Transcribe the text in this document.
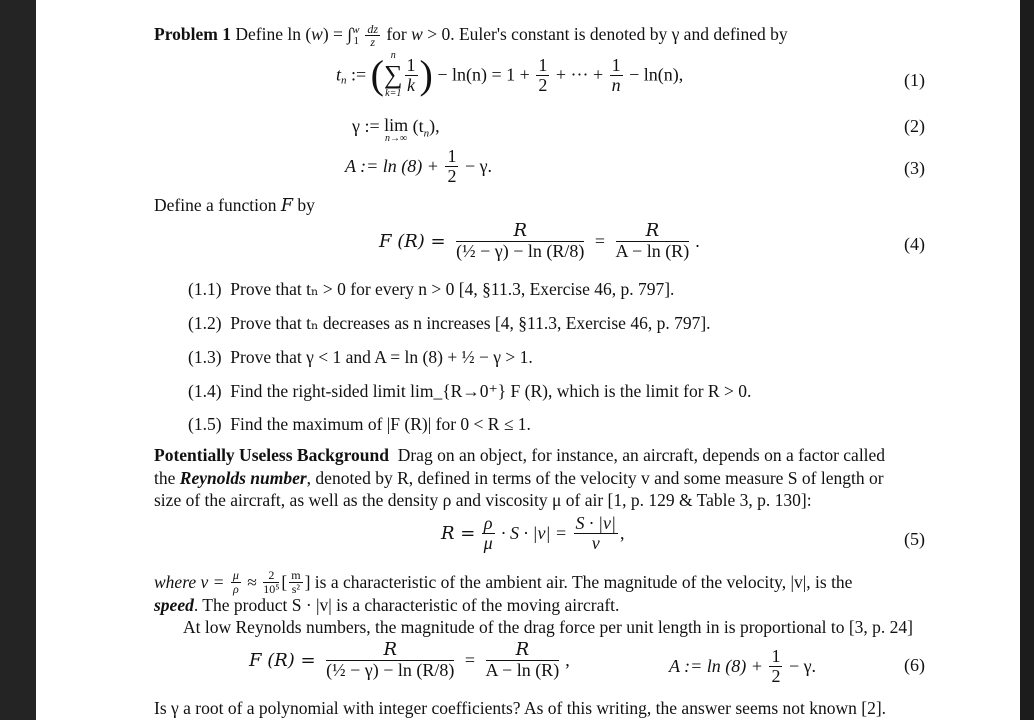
Problem 1 Define $\ln (w) = \int^w_1 \frac{dz}{z}$ for w > 0. Euler's constant is denoted by γ and defined by
$t_n$ := ( n
∑
$k=1 \frac{1}{k}$ ) − $\ln(n) = 1 + \frac{1}{2}$ + ··· + $\frac{1}{n} - \ln(n)$,	(1)
γ := lim
n→∞
$(t_n)$,	(2)
A := $\ln (8) + \frac{1}{2} - \gamma$.	(3)
Define a function F by
F $(R) = \frac{R}{\text{(½ − γ) − ln (R/8)}} = \frac{R}{A - \ln (R)}$ .	(4)
(1.1) Prove that tₙ > 0 for every n > 0 [4, §11.3, Exercise 46, p. 797].
(1.2) Prove that tₙ decreases as n increases [4, §11.3, Exercise 46, p. 797].
(1.3) Prove that γ < 1 and A = ln (8) + ½ − γ > 1.
(1.4) Find the right-sided limit lim_{R→0⁺} F (R), which is the limit for R > 0.
(1.5) Find the maximum of |F (R)| for 0 < R ≤ 1.
Potentially Useless Background Drag on an object, for instance, an aircraft, depends on a factor called
the Reynolds number, denoted by R, defined in terms of the velocity v and some measure S of length or
size of the aircraft, as well as the density ρ and viscosity μ of air [1, p. 129 & Table 3, p. 130]:
$R = \frac{\rho}{\mu} \cdot S \cdot |v| = \frac{S \cdot |v|}{\nu}$ ,	(5)
where $\nu = \frac{\mu}{\rho} \approx \frac{2}{\text{10⁵}}$ [ $\frac{m}{\text{s²}}$ ] is a characteristic of the ambient air. The magnitude of the velocity, |v|, is the
speed. The product S · |v| is a characteristic of the moving aircraft.
At low Reynolds numbers, the magnitude of the drag force per unit length in is proportional to [3, p. 24]
F $(R) = \frac{R}{\text{(½ − γ) − ln (R/8)}} = \frac{R}{A - \ln (R)}$ ,	A := $\ln (8) + \frac{1}{2} - \gamma$.	(6)
Is γ a root of a polynomial with integer coefficients? As of this writing, the answer seems not known [2].
